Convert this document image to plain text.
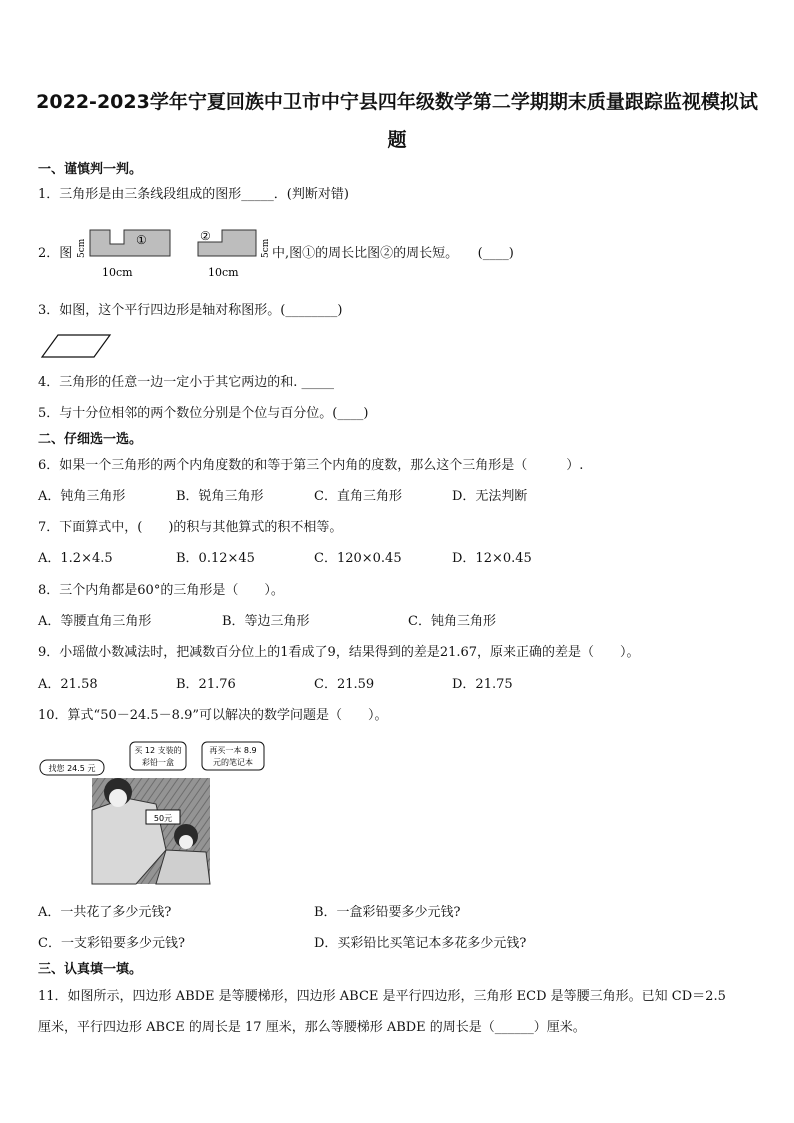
2022-2023学年宁夏回族中卫市中宁县四年级数学第二学期期末质量跟踪监视模拟试
题
一、谨慎判一判。
1．三角形是由三条线段组成的图形_____．(判断对错)
2．图 5cm	①
10cm
②
5cm
10cm
中,图①的周长比图②的周长短。　　(____)
3．如图，这个平行四边形是轴对称图形。(________)
4．三角形的任意一边一定小于其它两边的和. _____
5．与十分位相邻的两个数位分别是个位与百分位。(____)
二、仔细选一选。
6．如果一个三角形的两个内角度数的和等于第三个内角的度数，那么这个三角形是（　　　）.
A．钝角三角形	B．锐角三角形	C．直角三角形	D．无法判断
7．下面算式中，(　　)的积与其他算式的积不相等。
A．1.2×4.5	B．0.12×45	C．120×0.45	D．12×0.45
8．三个内角都是60°的三角形是（　　）。
A．等腰直角三角形	B．等边三角形	C．钝角三角形
9．小瑶做小数减法时，把减数百分位上的1看成了9，结果得到的差是21.67，原来正确的差是（　　）。
A．21.58	B．21.76	C．21.59	D．21.75
10．算式“50－24.5－8.9”可以解决的数学问题是（　　）。
50元
找您 24.5 元
买 12 支装的
彩铅一盒
再买一本 8.9
元的笔记本
A．一共花了多少元钱?	B．一盒彩铅要多少元钱?
C．一支彩铅要多少元钱?	D．买彩铅比买笔记本多花多少元钱?
三、认真填一填。
11．如图所示，四边形 ABDE 是等腰梯形，四边形 ABCE 是平行四边形，三角形 ECD 是等腰三角形。已知 CD＝2.5
厘米，平行四边形 ABCE 的周长是 17 厘米，那么等腰梯形 ABDE 的周长是（______）厘米。
